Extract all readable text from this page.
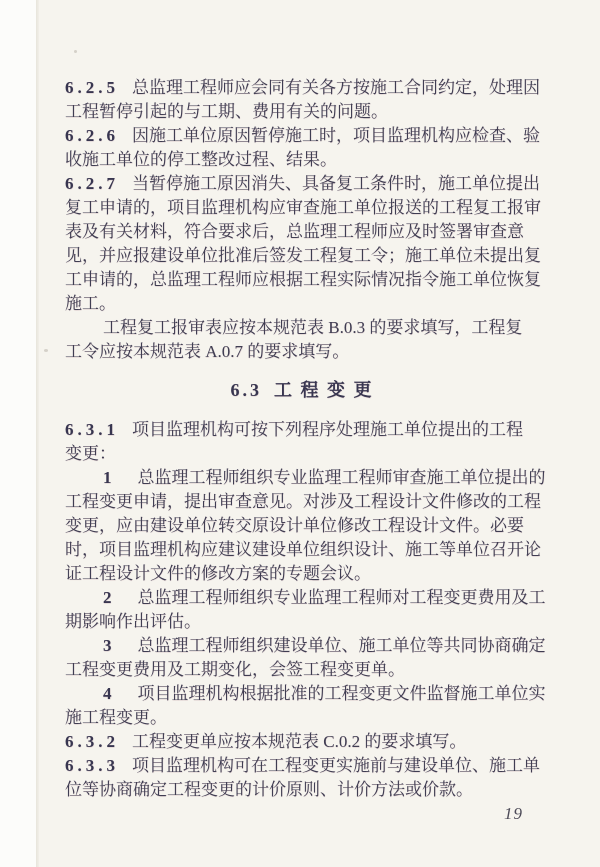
6.2.5 总监理工程师应会同有关各方按施工合同约定，处理因
工程暂停引起的与工期、费用有关的问题。
6.2.6 因施工单位原因暂停施工时，项目监理机构应检查、验
收施工单位的停工整改过程、结果。
6.2.7 当暂停施工原因消失、具备复工条件时，施工单位提出
复工申请的，项目监理机构应审查施工单位报送的工程复工报审
表及有关材料，符合要求后，总监理工程师应及时签署审查意
见，并应报建设单位批准后签发工程复工令；施工单位未提出复
工申请的，总监理工程师应根据工程实际情况指令施工单位恢复
施工。
工程复工报审表应按本规范表 B.0.3 的要求填写，工程复
工令应按本规范表 A.0.7 的要求填写。
6.3 工 程 变 更
6.3.1 项目监理机构可按下列程序处理施工单位提出的工程
变更：
1 总监理工程师组织专业监理工程师审查施工单位提出的
工程变更申请，提出审查意见。对涉及工程设计文件修改的工程
变更，应由建设单位转交原设计单位修改工程设计文件。必要
时，项目监理机构应建议建设单位组织设计、施工等单位召开论
证工程设计文件的修改方案的专题会议。
2 总监理工程师组织专业监理工程师对工程变更费用及工
期影响作出评估。
3 总监理工程师组织建设单位、施工单位等共同协商确定
工程变更费用及工期变化，会签工程变更单。
4 项目监理机构根据批准的工程变更文件监督施工单位实
施工程变更。
6.3.2 工程变更单应按本规范表 C.0.2 的要求填写。
6.3.3 项目监理机构可在工程变更实施前与建设单位、施工单
位等协商确定工程变更的计价原则、计价方法或价款。
19
